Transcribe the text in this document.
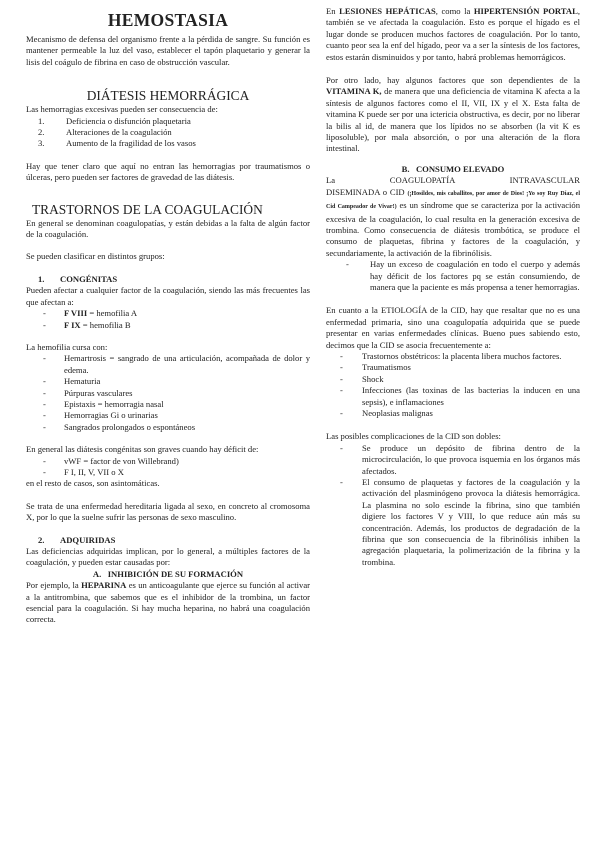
HEMOSTASIA

Mecanismo de defensa del organismo frente a la pérdida de sangre. Su función es mantener permeable la luz del vaso, establecer el tapón plaquetario y generar la lisis del coágulo de fibrina en caso de obstrucción vascular.

DIÁTESIS HEMORRÁGICA

Las hemorragias excesivas pueden ser consecuencia de:

1.	Deficiencia o disfunción plaquetaria
2.	Alteraciones de la coagulación
3.	Aumento de la fragilidad de los vasos

Hay que tener claro que aquí no entran las hemorragias por traumatismos o úlceras, pero pueden ser factores de gravedad de las diátesis.

TRASTORNOS DE LA COAGULACIÓN

En general se denominan coagulopatías, y están debidas a la falta de algún factor de la coagulación.

Se pueden clasificar en distintos grupos:

1. CONGÉNITAS

Pueden afectar a cualquier factor de la coagulación, siendo las más frecuentes las que afectan a:

- F VIII = hemofilia A
- F IX = hemofilia B

La hemofilia cursa con:

- Hemartrosis = sangrado de una articulación, acompañada de dolor y edema.
- Hematuria
- Púrpuras vasculares
- Epistaxis = hemorragia nasal
- Hemorragias Gi o urinarias
- Sangrados prolongados o espontáneos

En general las diátesis congénitas son graves cuando hay déficit de:

- vWF = factor de von Willebrand)
- F I, II, V, VII o X

en el resto de casos, son asintomáticas.

Se trata de una enfermedad hereditaria ligada al sexo, en concreto al cromosoma X, por lo que la suelne sufrir las personas de sexo masculino.

2. ADQUIRIDAS

Las deficiencias adquiridas implican, por lo general, a múltiples factores de la coagulación, y pueden estar causadas por:

A.   INHIBICIÓN DE SU FORMACIÓN

Por ejemplo, la HEPARINA es un anticoagulante que ejerce su función al activar a la antitrombina, que sabemos que es el inhibidor de la trombina, un factor esencial para la coagulación. Si hay mucha heparina, no habrá una coagulación correcta.

En LESIONES HEPÁTICAS, como la HIPERTENSIÓN PORTAL, también se ve afectada la coagulación. Esto es porque el hígado es el lugar donde se producen muchos factores de coagulación. Por lo tanto, cuanto peor sea la enf del hígado, peor va a ser la síntesis de los factores, estos estarán disminuidos y por tanto, habrá problemas hemorrágicos.

Por otro lado, hay algunos factores que son dependientes de la VITAMINA K, de manera que una deficiencia de vitamina K afecta a la síntesis de algunos factores como el II, VII, IX y el X. Esta falta de vitamina K puede ser por una ictericia obstructiva, es decir, por no liberar la bilis al id, de manera que los lípidos no se absorben (la vit K es liposoluble), por mala absorción, o por una alteración de la flora intestinal.

B.   CONSUMO ELEVADO

La        COAGULOPATÍA        INTRAVASCULAR

DISEMINADA o CID (¡Hosildes, mis caballitos, por amor de Dios! ¡Yo soy Ruy Díaz, el Cid Campeador de Vivar!) es un síndrome que se caracteriza por la activación excesiva de la coagulación, lo cual resulta en la generación excesiva de trombina. Como consecuencia de diátesis trombótica, se produce el consumo de plaquetas, fibrina y factores de la coagulación, y secundariamente, la activación de la fibrinólisis.

- Hay un exceso de coagulación en todo el cuerpo y además hay déficit de los factores pq se están consumiendo, de manera que la paciente es más propensa a tener hemorragias.

En cuanto a la ETIOLOGÍA de la CID, hay que resaltar que no es una enfermedad primaria, sino una coagulopatía adquirida que se puede presentar en varias enfermedades clínicas. Bueno pues sabiendo esto, decimos que la CID se asocia frecuentemente a:

- Trastornos obstétricos: la placenta libera muchos factores.
- Traumatismos
- Shock
- Infecciones (las toxinas de las bacterias la inducen en una sepsis), e inflamaciones
- Neoplasias malignas

Las posibles complicaciones de la CID son dobles:

- Se produce un depósito de fibrina dentro de la microcirculación, lo que provoca isquemia en los órganos más afectados.
- El consumo de plaquetas y factores de la coagulación y la activación del plasminógeno provoca la diátesis hemorrágica. La plasmina no solo escinde la fibrina, sino que también digiere los factores V y VIII, lo que reduce aún más su concentración. Además, los productos de degradación de la fibrina que son consecuencia de la fibrinólisis inhiben la agregación plaquetaria, la polimerización de la fibrina y la trombina.
